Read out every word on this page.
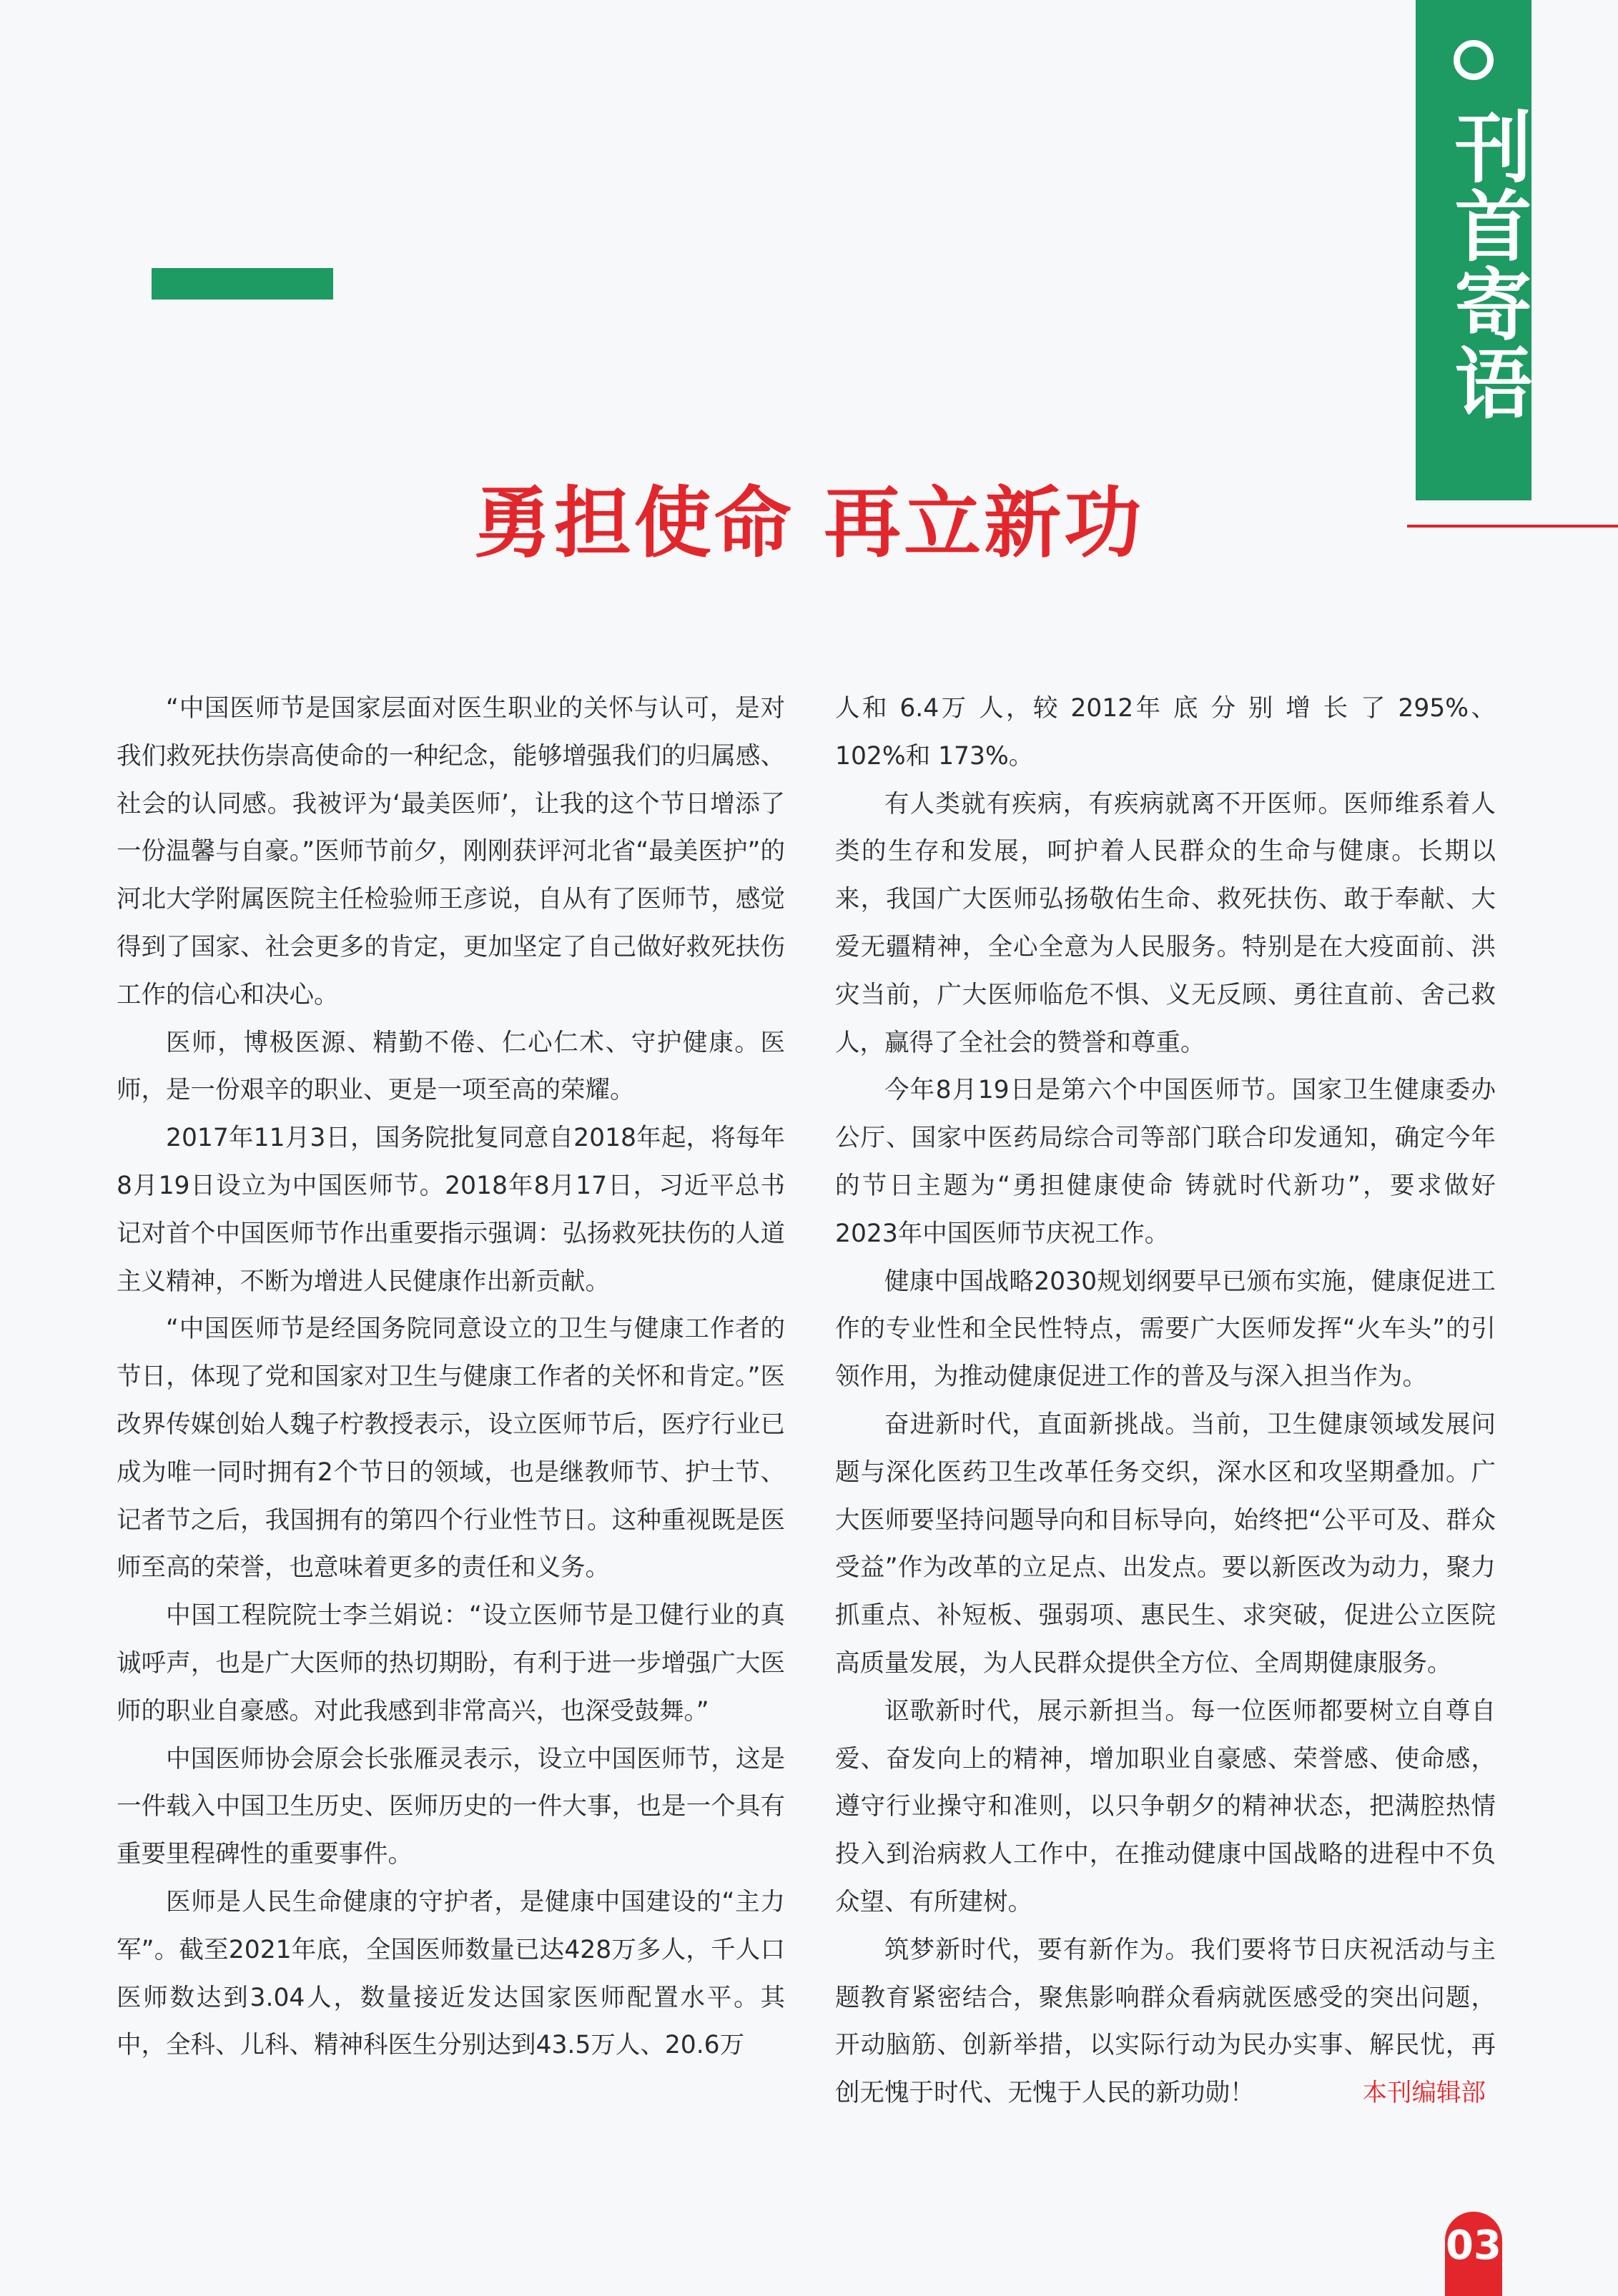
刊首寄语
勇担使命 再立新功

“中国医师节是国家层面对医生职业的关怀与认可，是对我们救死扶伤崇高使命的一种纪念，能够增强我们的归属感、社会的认同感。我被评为‘最美医师’，让我的这个节日增添了一份温馨与自豪。”医师节前夕，刚刚获评河北省“最美医护”的河北大学附属医院主任检验师王彦说，自从有了医师节，感觉得到了国家、社会更多的肯定，更加坚定了自己做好救死扶伤工作的信心和决心。

医师，博极医源、精勤不倦、仁心仁术、守护健康。医师，是一份艰辛的职业、更是一项至高的荣耀。

2017年11月3日，国务院批复同意自2018年起，将每年8月19日设立为中国医师节。2018年8月17日，习近平总书记对首个中国医师节作出重要指示强调：弘扬救死扶伤的人道主义精神，不断为增进人民健康作出新贡献。

“中国医师节是经国务院同意设立的卫生与健康工作者的节日，体现了党和国家对卫生与健康工作者的关怀和肯定。”医改界传媒创始人魏子柠教授表示，设立医师节后，医疗行业已成为唯一同时拥有2个节日的领域，也是继教师节、护士节、记者节之后，我国拥有的第四个行业性节日。这种重视既是医师至高的荣誉，也意味着更多的责任和义务。

中国工程院院士李兰娟说：“设立医师节是卫健行业的真诚呼声，也是广大医师的热切期盼，有利于进一步增强广大医师的职业自豪感。对此我感到非常高兴，也深受鼓舞。”

中国医师协会原会长张雁灵表示，设立中国医师节，这是一件载入中国卫生历史、医师历史的一件大事，也是一个具有重要里程碑性的重要事件。

医师是人民生命健康的守护者，是健康中国建设的“主力军”。截至2021年底，全国医师数量已达428万多人，千人口医师数达到3.04人，数量接近发达国家医师配置水平。其中，全科、儿科、精神科医生分别达到43.5万人、20.6万

人和 6.4万 人，较 2012年 底 分 别 增 长 了 295%、 102%和 173%。

有人类就有疾病，有疾病就离不开医师。医师维系着人类的生存和发展，呵护着人民群众的生命与健康。长期以来，我国广大医师弘扬敬佑生命、救死扶伤、敢于奉献、大爱无疆精神，全心全意为人民服务。特别是在大疫面前、洪灾当前，广大医师临危不惧、义无反顾、勇往直前、舍己救人，赢得了全社会的赞誉和尊重。

今年8月19日是第六个中国医师节。国家卫生健康委办公厅、国家中医药局综合司等部门联合印发通知，确定今年的节日主题为“勇担健康使命 铸就时代新功”，要求做好2023年中国医师节庆祝工作。

健康中国战略2030规划纲要早已颁布实施，健康促进工作的专业性和全民性特点，需要广大医师发挥“火车头”的引领作用，为推动健康促进工作的普及与深入担当作为。

奋进新时代，直面新挑战。当前，卫生健康领域发展问题与深化医药卫生改革任务交织，深水区和攻坚期叠加。广大医师要坚持问题导向和目标导向，始终把“公平可及、群众受益”作为改革的立足点、出发点。要以新医改为动力，聚力抓重点、补短板、强弱项、惠民生、求突破，促进公立医院高质量发展，为人民群众提供全方位、全周期健康服务。

讴歌新时代，展示新担当。每一位医师都要树立自尊自爱、奋发向上的精神，增加职业自豪感、荣誉感、使命感，遵守行业操守和准则，以只争朝夕的精神状态，把满腔热情投入到治病救人工作中，在推动健康中国战略的进程中不负众望、有所建树。

筑梦新时代，要有新作为。我们要将节日庆祝活动与主题教育紧密结合，聚焦影响群众看病就医感受的突出问题，开动脑筋、创新举措，以实际行动为民办实事、解民忧，再创无愧于时代、无愧于人民的新功勋！	本刊编辑部

03
